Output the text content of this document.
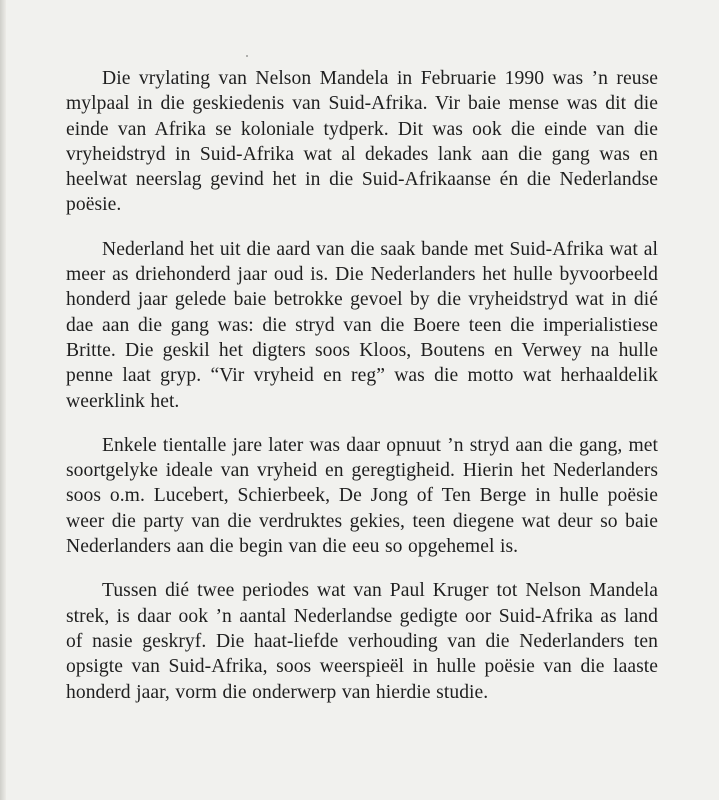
Die vrylating van Nelson Mandela in Februarie 1990 was ’n reuse mylpaal in die geskiedenis van Suid-Afrika. Vir baie mense was dit die einde van Afrika se koloniale tydperk. Dit was ook die einde van die vryheidstryd in Suid-Afrika wat al dekades lank aan die gang was en heelwat neerslag gevind het in die Suid-Afrikaanse én die Nederlandse poësie.

Nederland het uit die aard van die saak bande met Suid-Afrika wat al meer as driehonderd jaar oud is. Die Nederlanders het hulle byvoorbeeld honderd jaar gelede baie betrokke gevoel by die vryheidstryd wat in dié dae aan die gang was: die stryd van die Boere teen die imperialistiese Britte. Die geskil het digters soos Kloos, Boutens en Verwey na hulle penne laat gryp. “Vir vryheid en reg” was die motto wat herhaaldelik weerklink het.

Enkele tientalle jare later was daar opnuut ’n stryd aan die gang, met soortgelyke ideale van vryheid en geregtigheid. Hierin het Nederlanders soos o.m. Lucebert, Schierbeek, De Jong of Ten Berge in hulle poësie weer die party van die verdruktes gekies, teen diegene wat deur so baie Nederlanders aan die begin van die eeu so opgehemel is.

Tussen dié twee periodes wat van Paul Kruger tot Nelson Mandela strek, is daar ook ’n aantal Nederlandse gedigte oor Suid-Afrika as land of nasie geskryf. Die haat-liefde verhouding van die Nederlanders ten opsigte van Suid-Afrika, soos weerspieël in hulle poësie van die laaste honderd jaar, vorm die onderwerp van hierdie studie.
